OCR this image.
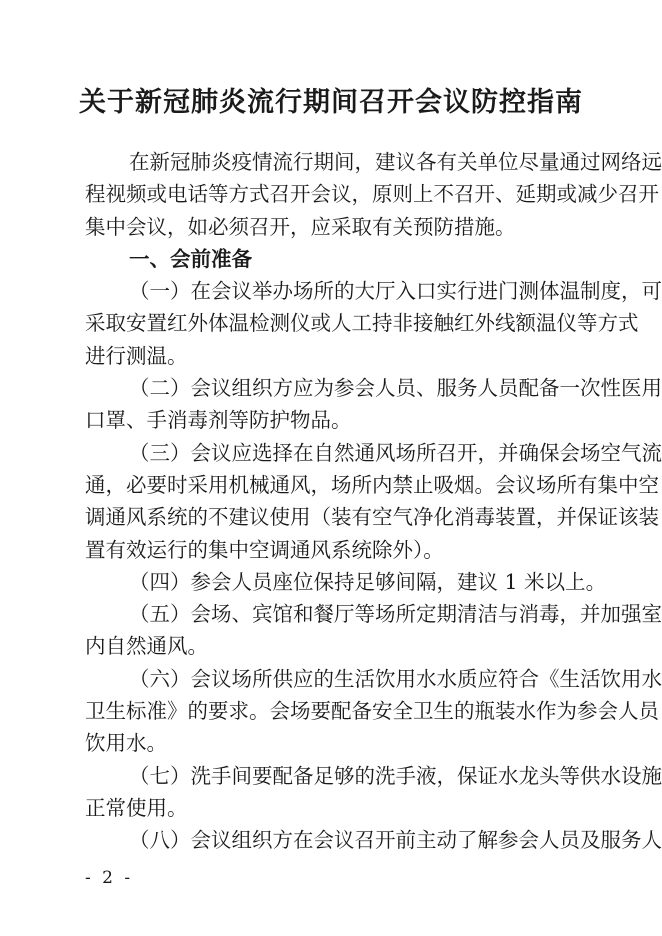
关于新冠肺炎流行期间召开会议防控指南
在新冠肺炎疫情流行期间，建议各有关单位尽量通过网络远
程视频或电话等方式召开会议，原则上不召开、延期或减少召开
集中会议，如必须召开，应采取有关预防措施。
一、会前准备
（一）在会议举办场所的大厅入口实行进门测体温制度，可
采取安置红外体温检测仪或人工持非接触红外线额温仪等方式
进行测温。
（二）会议组织方应为参会人员、服务人员配备一次性医用
口罩、手消毒剂等防护物品。
（三）会议应选择在自然通风场所召开，并确保会场空气流
通，必要时采用机械通风，场所内禁止吸烟。会议场所有集中空
调通风系统的不建议使用（装有空气净化消毒装置，并保证该装
置有效运行的集中空调通风系统除外）。
（四）参会人员座位保持足够间隔，建议 1 米以上。
（五）会场、宾馆和餐厅等场所定期清洁与消毒，并加强室
内自然通风。
（六）会议场所供应的生活饮用水水质应符合《生活饮用水
卫生标准》的要求。会场要配备安全卫生的瓶装水作为参会人员
饮用水。
（七）洗手间要配备足够的洗手液，保证水龙头等供水设施
正常使用。
（八）会议组织方在会议召开前主动了解参会人员及服务人
- 2 -
